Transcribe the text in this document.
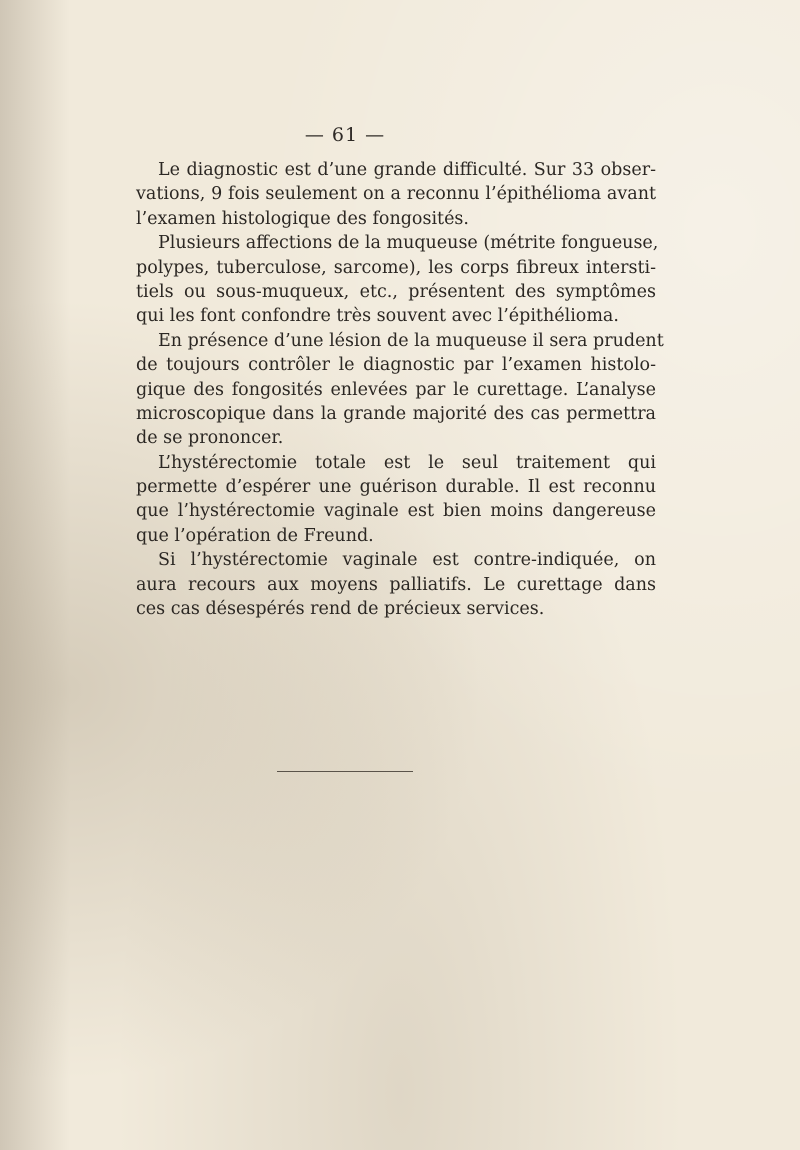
— 61 —
Le diagnostic est d’une grande difficulté. Sur 33 obser-
vations, 9 fois seulement on a reconnu l’épithélioma avant
l’examen histologique des fongosités.
Plusieurs affections de la muqueuse (métrite fongueuse,
polypes, tuberculose, sarcome), les corps fibreux intersti-
tiels ou sous-muqueux, etc., présentent des symptômes
qui les font confondre très souvent avec l’épithélioma.
En présence d’une lésion de la muqueuse il sera prudent
de toujours contrôler le diagnostic par l’examen histolo-
gique des fongosités enlevées par le curettage. L’analyse
microscopique dans la grande majorité des cas permettra
de se prononcer.
L’hystérectomie totale est le seul traitement qui
permette d’espérer une guérison durable. Il est reconnu
que l’hystérectomie vaginale est bien moins dangereuse
que l’opération de Freund.
Si l’hystérectomie vaginale est contre-indiquée, on
aura recours aux moyens palliatifs. Le curettage dans
ces cas désespérés rend de précieux services.
